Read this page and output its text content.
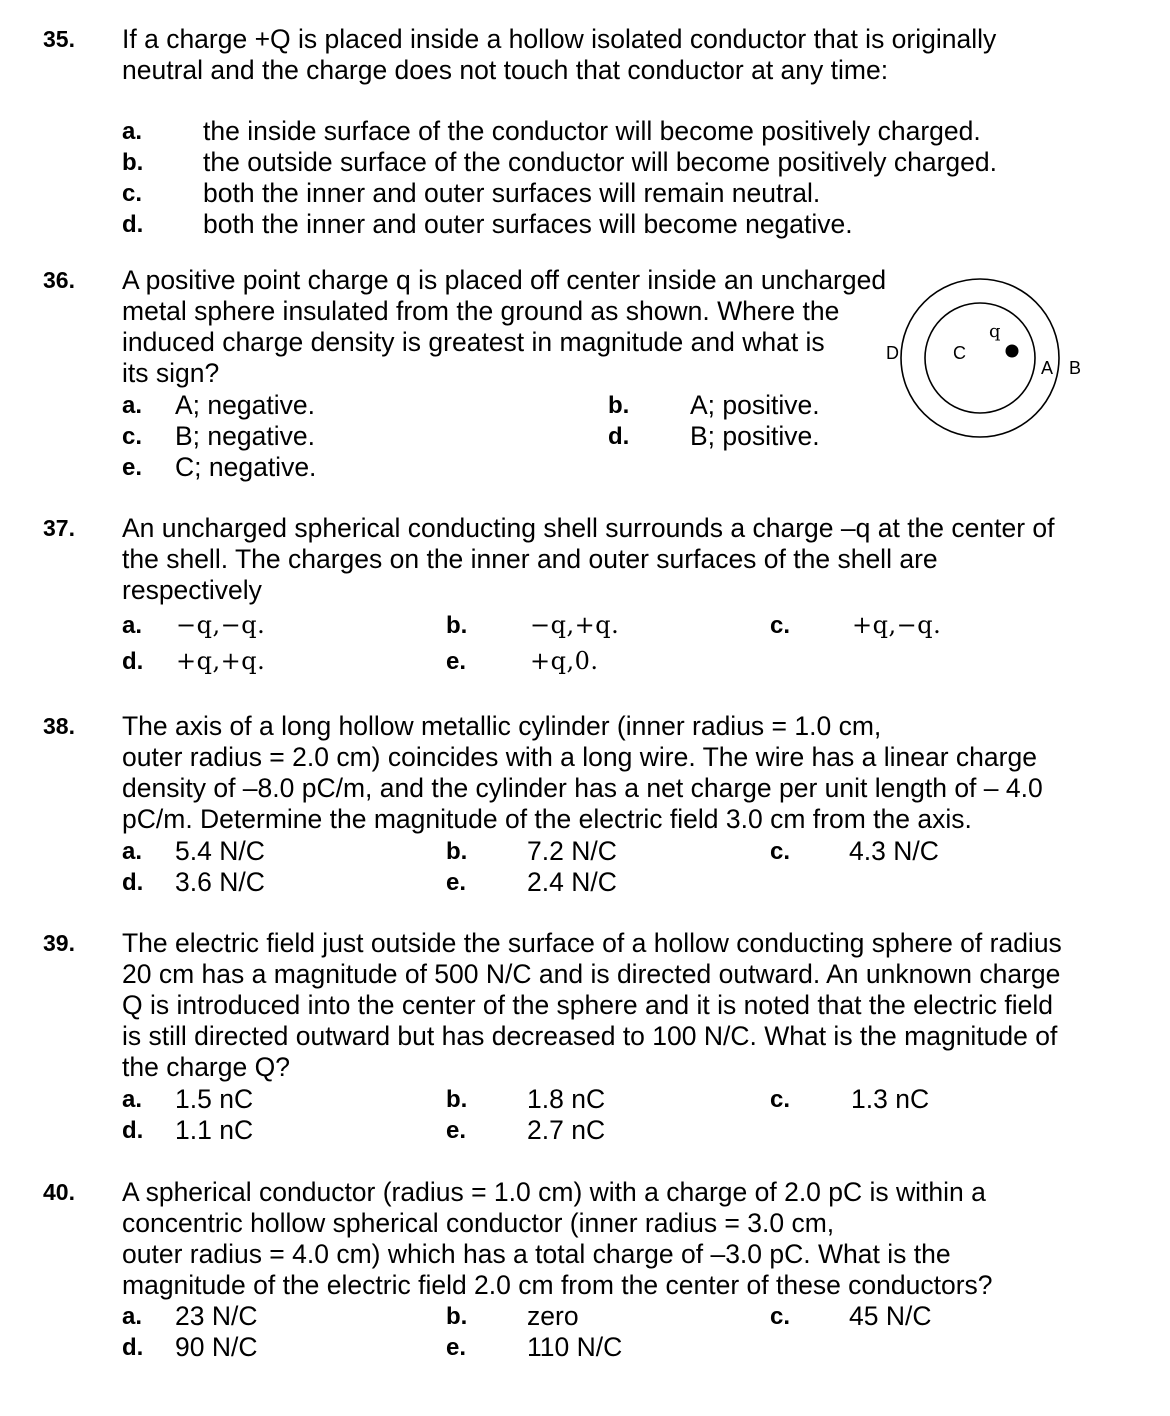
35. If a charge +Q is placed inside a hollow isolated conductor that is originally
neutral and the charge does not touch that conductor at any time:
a. the inside surface of the conductor will become positively charged.
b. the outside surface of the conductor will become positively charged.
c. both the inner and outer surfaces will remain neutral.
d. both the inner and outer surfaces will become negative.
36. A positive point charge q is placed off center inside an uncharged
metal sphere insulated from the ground as shown. Where the
induced charge density is greatest in magnitude and what is
its sign?
a. A; negative.	b. A; positive.
c. B; negative.	d. B; positive.
e. C; negative.
D	C
q
A B
37. An uncharged spherical conducting shell surrounds a charge –q at the center of
the shell. The charges on the inner and outer surfaces of the shell are
respectively
a. −q,−q.	b.	−q,+q.	c.	+q,−q.
d. +q,+q.	e.	+q,0.
38. The axis of a long hollow metallic cylinder (inner radius = 1.0 cm,
outer radius = 2.0 cm) coincides with a long wire. The wire has a linear charge
density of –8.0 pC/m, and the cylinder has a net charge per unit length of – 4.0
pC/m. Determine the magnitude of the electric field 3.0 cm from the axis.
a. 5.4 N/C	b. 7.2 N/C	c. 4.3 N/C
d. 3.6 N/C	e. 2.4 N/C
39. The electric field just outside the surface of a hollow conducting sphere of radius
20 cm has a magnitude of 500 N/C and is directed outward. An unknown charge
Q is introduced into the center of the sphere and it is noted that the electric field
is still directed outward but has decreased to 100 N/C. What is the magnitude of
the charge Q?
a. 1.5 nC	b. 1.8 nC	c. 1.3 nC
d. 1.1 nC	e. 2.7 nC
40. A spherical conductor (radius = 1.0 cm) with a charge of 2.0 pC is within a
concentric hollow spherical conductor (inner radius = 3.0 cm,
outer radius = 4.0 cm) which has a total charge of –3.0 pC. What is the
magnitude of the electric field 2.0 cm from the center of these conductors?
a. 23 N/C	b. zero	c. 45 N/C
d. 90 N/C	e. 110 N/C
